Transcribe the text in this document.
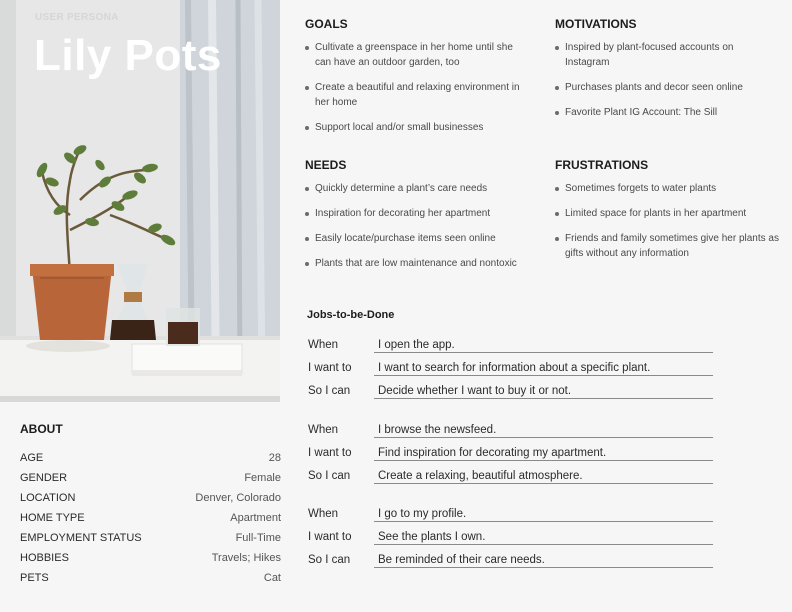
USER PERSONA
Lily Pots
ABOUT
AGE	28
GENDER	Female
LOCATION	Denver, Colorado
HOME TYPE	Apartment
EMPLOYMENT STATUS	Full-Time
HOBBIES	Travels; Hikes
PETS	Cat
GOALS
Cultivate a greenspace in her home until she can have an outdoor garden, too
Create a beautiful and relaxing environment in her home
Support local and/or small businesses
MOTIVATIONS
Inspired by plant-focused accounts on Instagram
Purchases plants and decor seen online
Favorite Plant IG Account: The Sill
NEEDS
Quickly determine a plant’s care needs
Inspiration for decorating her apartment
Easily locate/purchase items seen online
Plants that are low maintenance and nontoxic
FRUSTRATIONS
Sometimes forgets to water plants
Limited space for plants in her apartment
Friends and family sometimes give her plants as gifts without any information
Jobs-to-be-Done
When	I open the app.
I want to	I want to search for information about a specific plant.
So I can	Decide whether I want to buy it or not.
When	I browse the newsfeed.
I want to	Find inspiration for decorating my apartment.
So I can	Create a relaxing, beautiful atmosphere.
When	I go to my profile.
I want to	See the plants I own.
So I can	Be reminded of their care needs.
